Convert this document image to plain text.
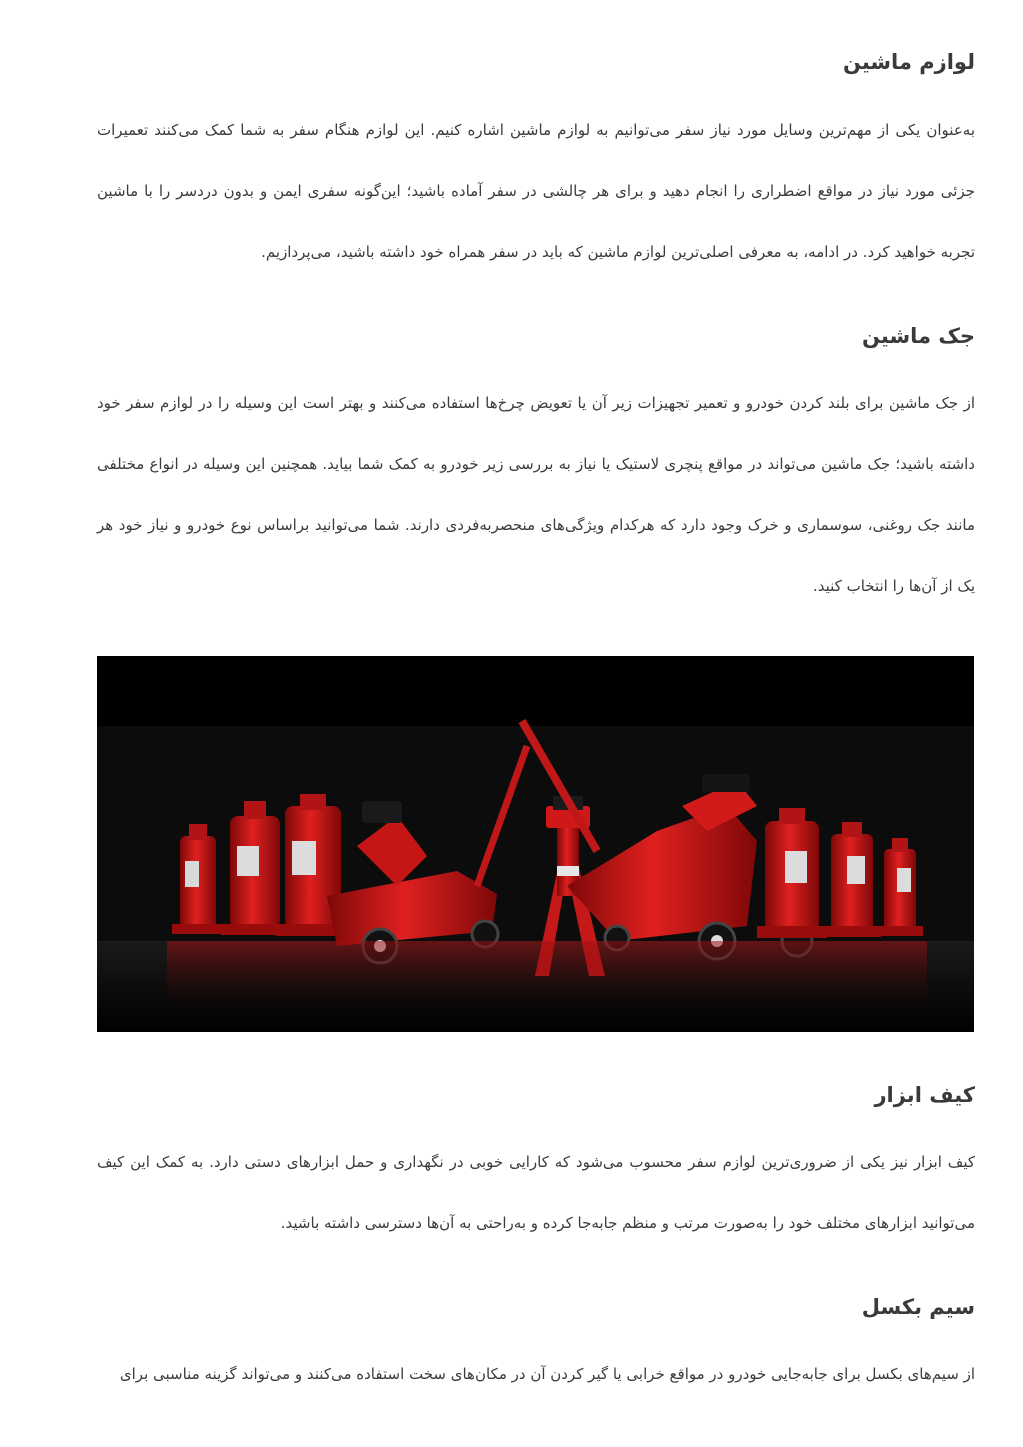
لوازم ماشین

به‌عنوان یکی از مهم‌ترین وسایل مورد نیاز سفر می‌توانیم به لوازم ماشین اشاره کنیم. این لوازم هنگام سفر به شما کمک می‌کنند تعمیرات جزئی مورد نیاز در مواقع اضطراری را انجام دهید و برای هر چالشی در سفر آماده باشید؛ این‌گونه سفری ایمن و بدون دردسر را با ماشین تجربه خواهید کرد. در ادامه، به معرفی اصلی‌ترین لوازم ماشین که باید در سفر همراه خود داشته باشید، می‌پردازیم.

جک ماشین

از جک ماشین برای بلند کردن خودرو و تعمیر تجهیزات زیر آن یا تعویض چرخ‌ها استفاده می‌کنند و بهتر است این وسیله را در لوازم سفر خود داشته باشید؛ جک ماشین می‌تواند در مواقع پنچری لاستیک یا نیاز به بررسی زیر خودرو به کمک شما بیاید. همچنین این وسیله در انواع مختلفی مانند جک روغنی، سوسماری و خرک وجود دارد که هرکدام ویژگی‌های منحصربه‌فردی دارند. شما می‌توانید براساس نوع خودرو و نیاز خود هر یک از آن‌ها را انتخاب کنید.

کیف ابزار

کیف ابزار نیز یکی از ضروری‌ترین لوازم سفر محسوب می‌شود که کارایی خوبی در نگهداری و حمل ابزارهای دستی دارد. به کمک این کیف می‌توانید ابزارهای مختلف خود را به‌صورت مرتب و منظم جابه‌جا کرده و به‌راحتی به آن‌ها دسترسی داشته باشید.

سیم بکسل

از سیم‌های بکسل برای جابه‌جایی خودرو در مواقع خرابی یا گیر کردن آن در مکان‌های سخت استفاده می‌کنند و می‌تواند گزینه مناسبی برای
